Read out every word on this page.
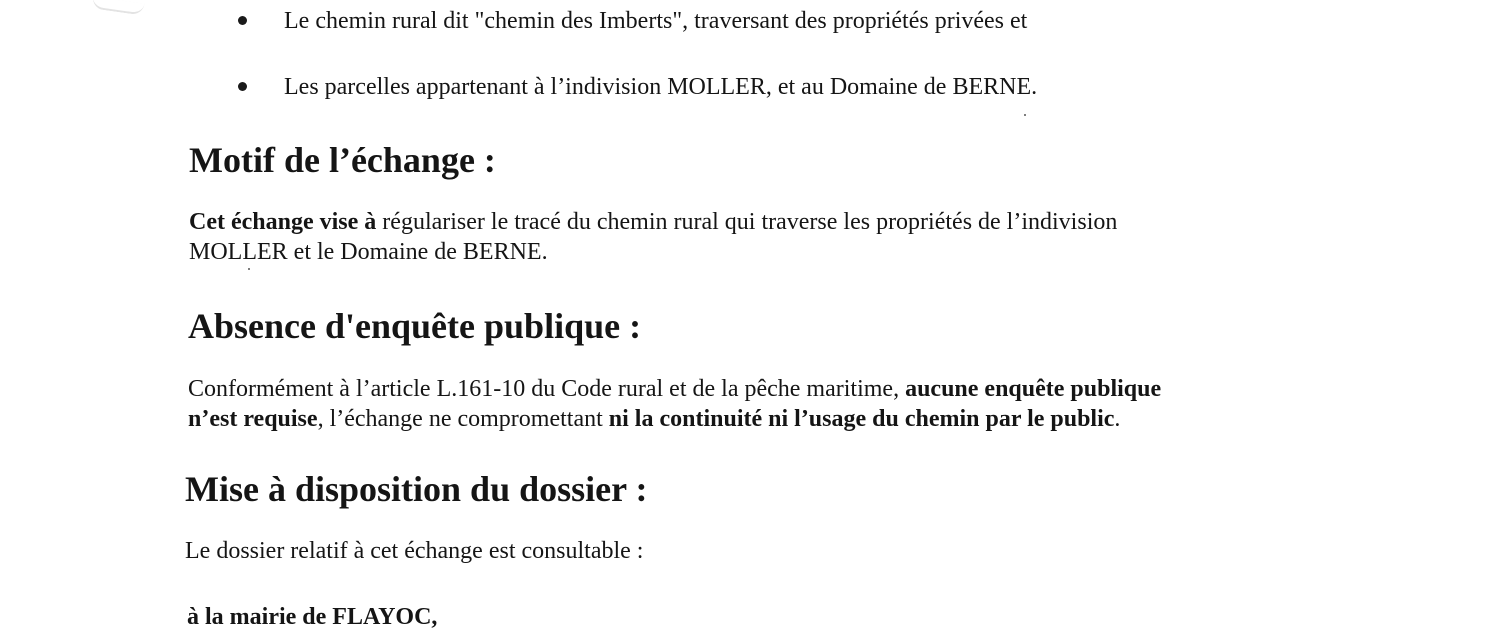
Le chemin rural dit "chemin des Imberts", traversant des propriétés privées et

Les parcelles appartenant à l’indivision MOLLER, et au Domaine de BERNE.

Motif de l’échange :

Cet échange vise à régulariser le tracé du chemin rural qui traverse les propriétés de l’indivision

MOLLER et le Domaine de BERNE.

Absence d'enquête publique :

Conformément à l’article L.161-10 du Code rural et de la pêche maritime, aucune enquête publique

n’est requise, l’échange ne compromettant ni la continuité ni l’usage du chemin par le public.

Mise à disposition du dossier :

Le dossier relatif à cet échange est consultable :

à la mairie de FLAYOC,
